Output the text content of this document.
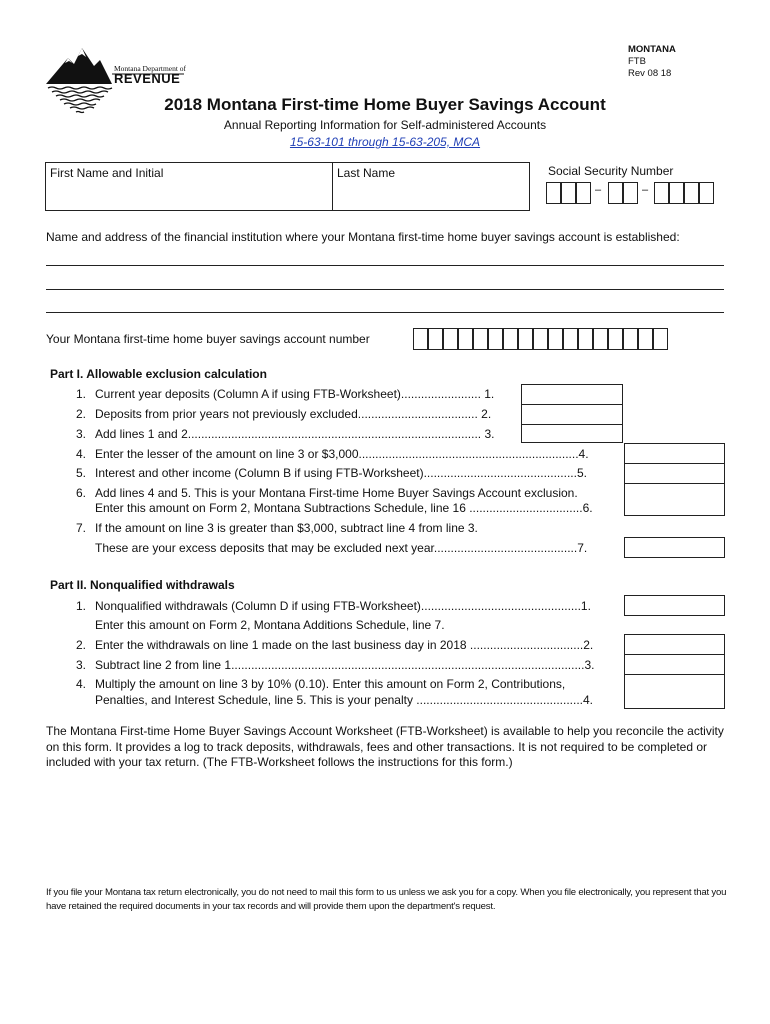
Montana Department of
REVENUE
MONTANA
FTB
Rev 08 18
2018 Montana First-time Home Buyer Savings Account
Annual Reporting Information for Self-administered Accounts
15-63-101 through 15-63-205, MCA
First Name and Initial	Last Name	Social Security Number
–	–
Name and address of the financial institution where your Montana first-time home buyer savings account is established:
Your Montana first-time home buyer savings account number
Part I. Allowable exclusion calculation
1. Current year deposits (Column A if using FTB-Worksheet)........................ 1.
2. Deposits from prior years not previously excluded.................................... 2.
3. Add lines 1 and 2........................................................................................ 3.
4. Enter the lesser of the amount on line 3 or $3,000..................................................................4.
5. Interest and other income (Column B if using FTB-Worksheet)..............................................5.
6. Add lines 4 and 5. This is your Montana First-time Home Buyer Savings Account exclusion.
Enter this amount on Form 2, Montana Subtractions Schedule, line 16 ..................................6.
7. If the amount on line 3 is greater than $3,000, subtract line 4 from line 3.
These are your excess deposits that may be excluded next year...........................................7.
Part II. Nonqualified withdrawals
1. Nonqualified withdrawals (Column D if using FTB-Worksheet)................................................1.
Enter this amount on Form 2, Montana Additions Schedule, line 7.
2. Enter the withdrawals on line 1 made on the last business day in 2018 ..................................2.
3. Subtract line 2 from line 1..........................................................................................................3.
4. Multiply the amount on line 3 by 10% (0.10). Enter this amount on Form 2, Contributions,
Penalties, and Interest Schedule, line 5. This is your penalty ..................................................4.
The Montana First-time Home Buyer Savings Account Worksheet (FTB-Worksheet) is available to help you reconcile the activity on this form. It provides a log to track deposits, withdrawals, fees and other transactions. It is not required to be completed or included with your tax return. (The FTB-Worksheet follows the instructions for this form.)
If you file your Montana tax return electronically, you do not need to mail this form to us unless we ask you for a copy. When you file electronically, you represent that you have retained the required documents in your tax records and will provide them upon the department's request.
